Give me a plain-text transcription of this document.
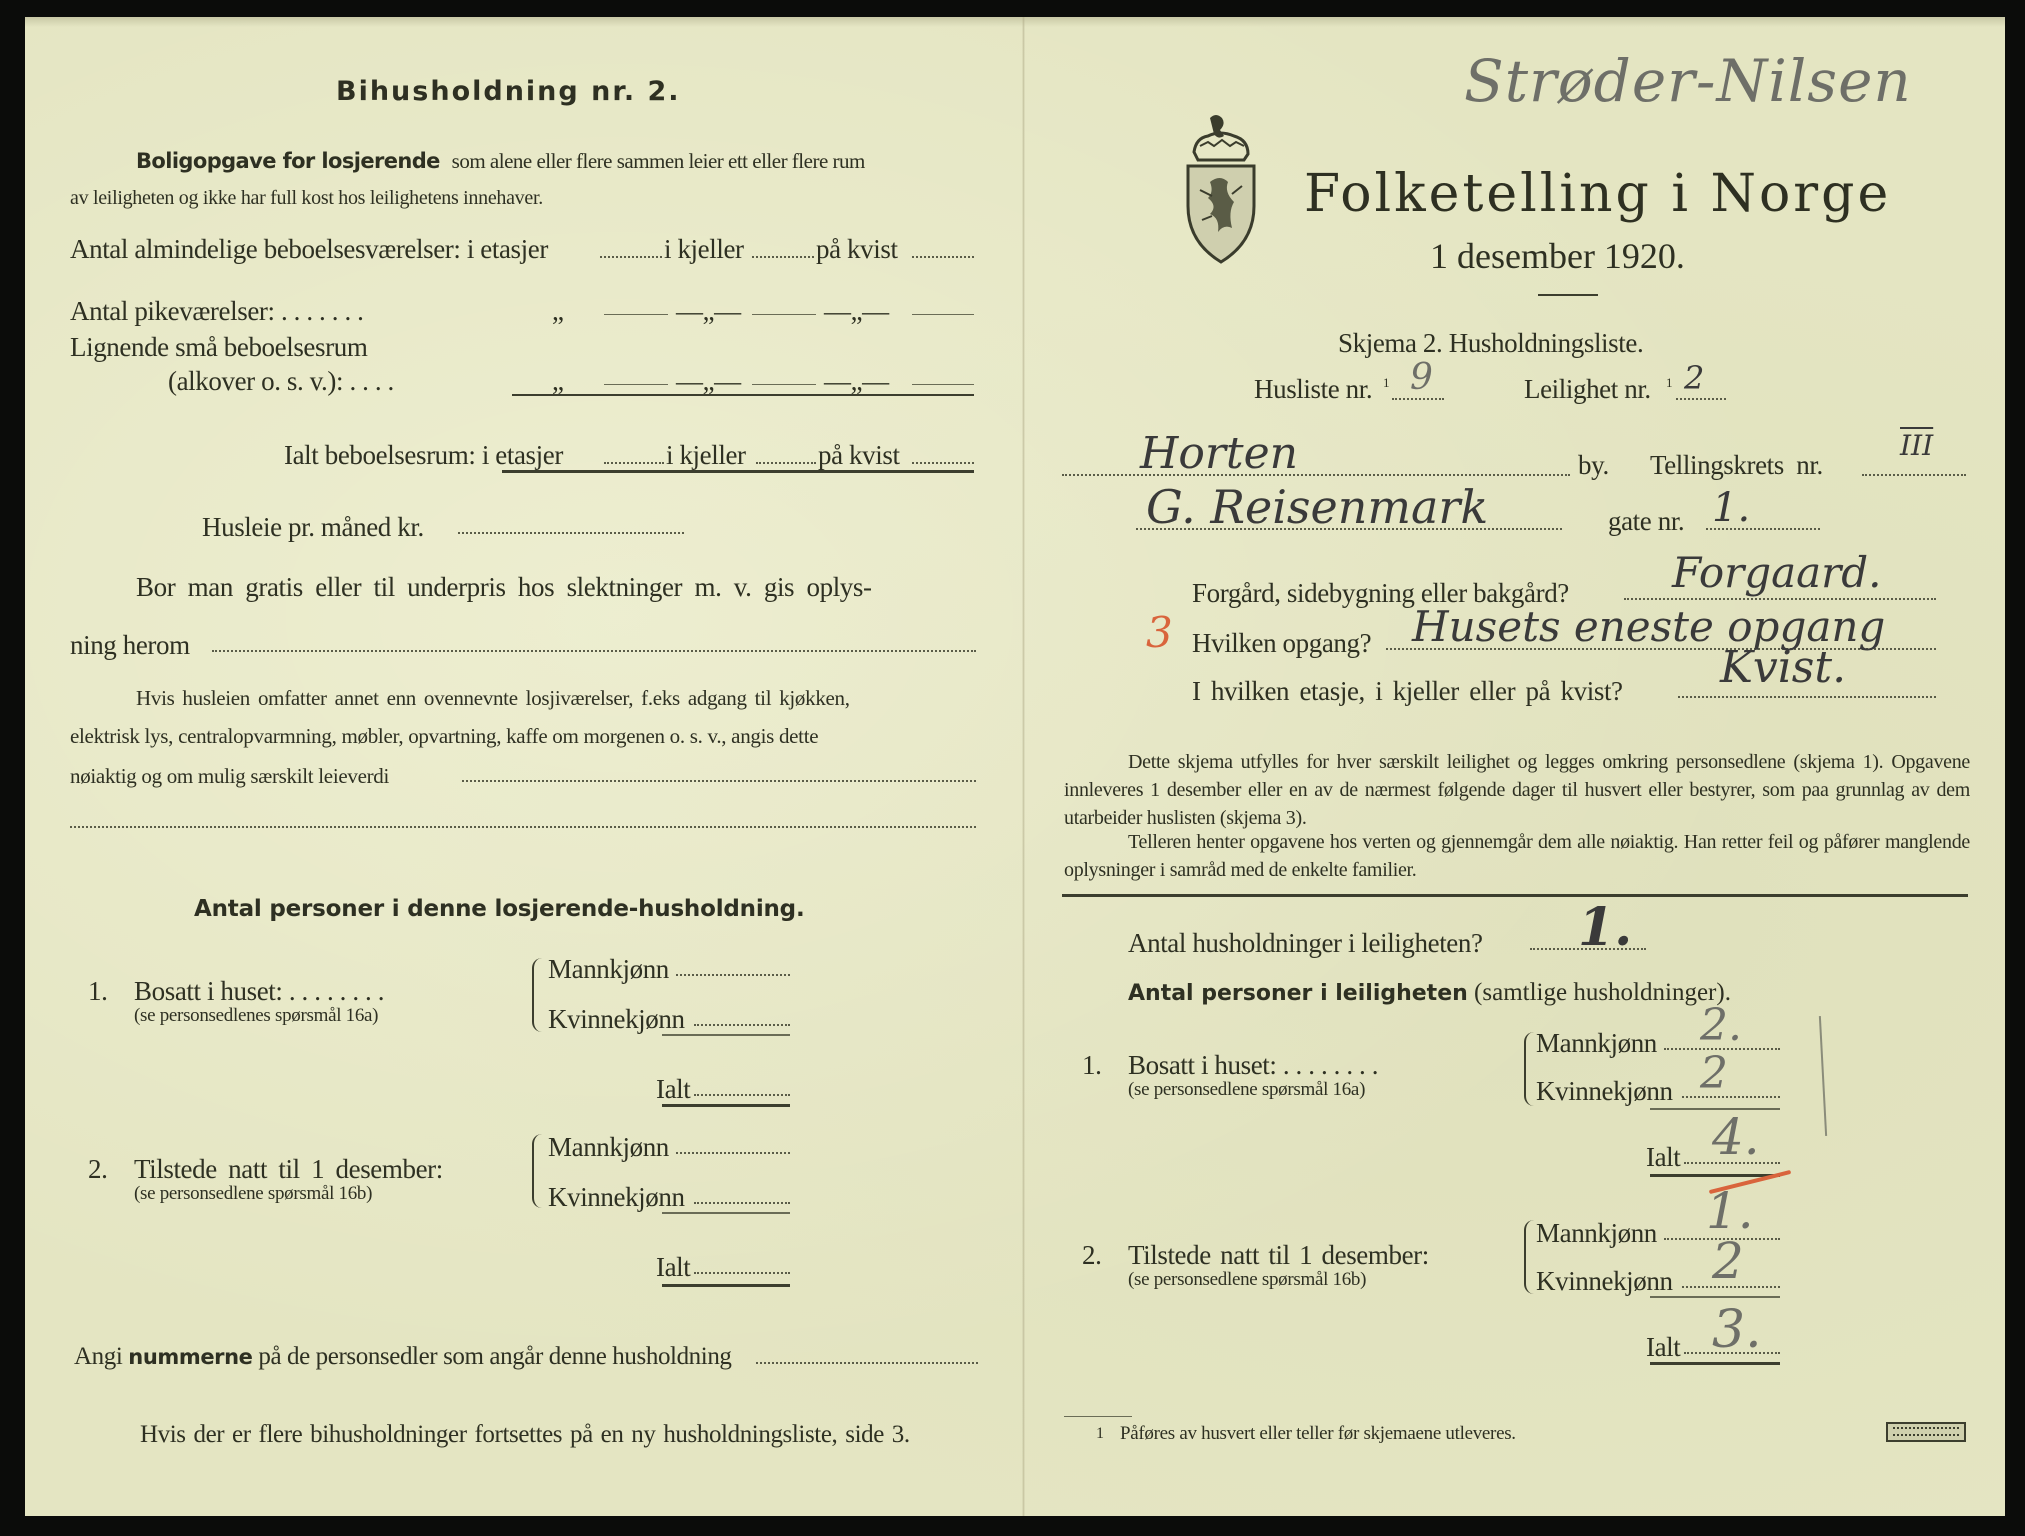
Bihusholdning nr. 2.
Boligopgave for losjerende som alene eller flere sammen leier ett eller flere rum
av leiligheten og ikke har full kost hos leilighetens innehaver.
Antal almindelige beboelsesværelser: i etasjer	i kjeller	på kvist
Antal pikeværelser: . . . . . . .	„	—„—	—„—
Lignende små beboelsesrum
(alkover o. s. v.): . . . .	„	—„—	—„—
Ialt beboelsesrum: i etasjer	i kjeller	på kvist
Husleie pr. måned kr.
Bor man gratis eller til underpris hos slektninger m. v. gis oplys-
ning herom
Hvis husleien omfatter annet enn ovennevnte losjiværelser, f.eks adgang til kjøkken,
elektrisk lys, centralopvarmning, møbler, opvartning, kaffe om morgenen o. s. v., angis dette
nøiaktig og om mulig særskilt leieverdi
Antal personer i denne losjerende-husholdning.
1. Bosatt i huset: . . . . . . . .
(se personsedlenes spørsmål 16a)
Mannkjønn
Kvinnekjønn
Ialt
2. Tilstede natt til 1 desember:
(se personsedlene spørsmål 16b)
Mannkjønn
Kvinnekjønn
Ialt
Angi nummerne på de personsedler som angår denne husholdning
Hvis der er flere bihusholdninger fortsettes på en ny husholdningsliste, side 3.
Strøder-Nilsen
Folketelling i Norge
1 desember 1920.
Skjema 2. Husholdningsliste.
Husliste nr. 1 9	Leilighet nr. 1 2
Horten	by. Tellingskrets nr.
$\overline{III}$
G. Reisenmark	gate nr. 1.
Forgård, sidebygning eller bakgård? Forgaard.
3 Hvilken opgang? Husets eneste opgang
I hvilken etasje, i kjeller eller på kvist? Kvist.
Dette skjema utfylles for hver særskilt leilighet og legges omkring personsedlene (skjema 1). Opgavene innleveres 1 desember eller en av de nærmest følgende dager til husvert eller bestyrer, som paa grunnlag av dem utarbeider huslisten (skjema 3).
Telleren henter opgavene hos verten og gjennemgår dem alle nøiaktig. Han retter feil og påfører manglende oplysninger i samråd med de enkelte familier.
Antal husholdninger i leiligheten? 1.
Antal personer i leiligheten (samtlige husholdninger).
1. Bosatt i huset: . . . . . . . .
(se personsedlene spørsmål 16a)
Mannkjønn 2.
Kvinnekjønn 2
Ialt 4.
2. Tilstede natt til 1 desember:
(se personsedlene spørsmål 16b)
Mannkjønn 1.
Kvinnekjønn 2
Ialt 3.
1 Påføres av husvert eller teller før skjemaene utleveres.
